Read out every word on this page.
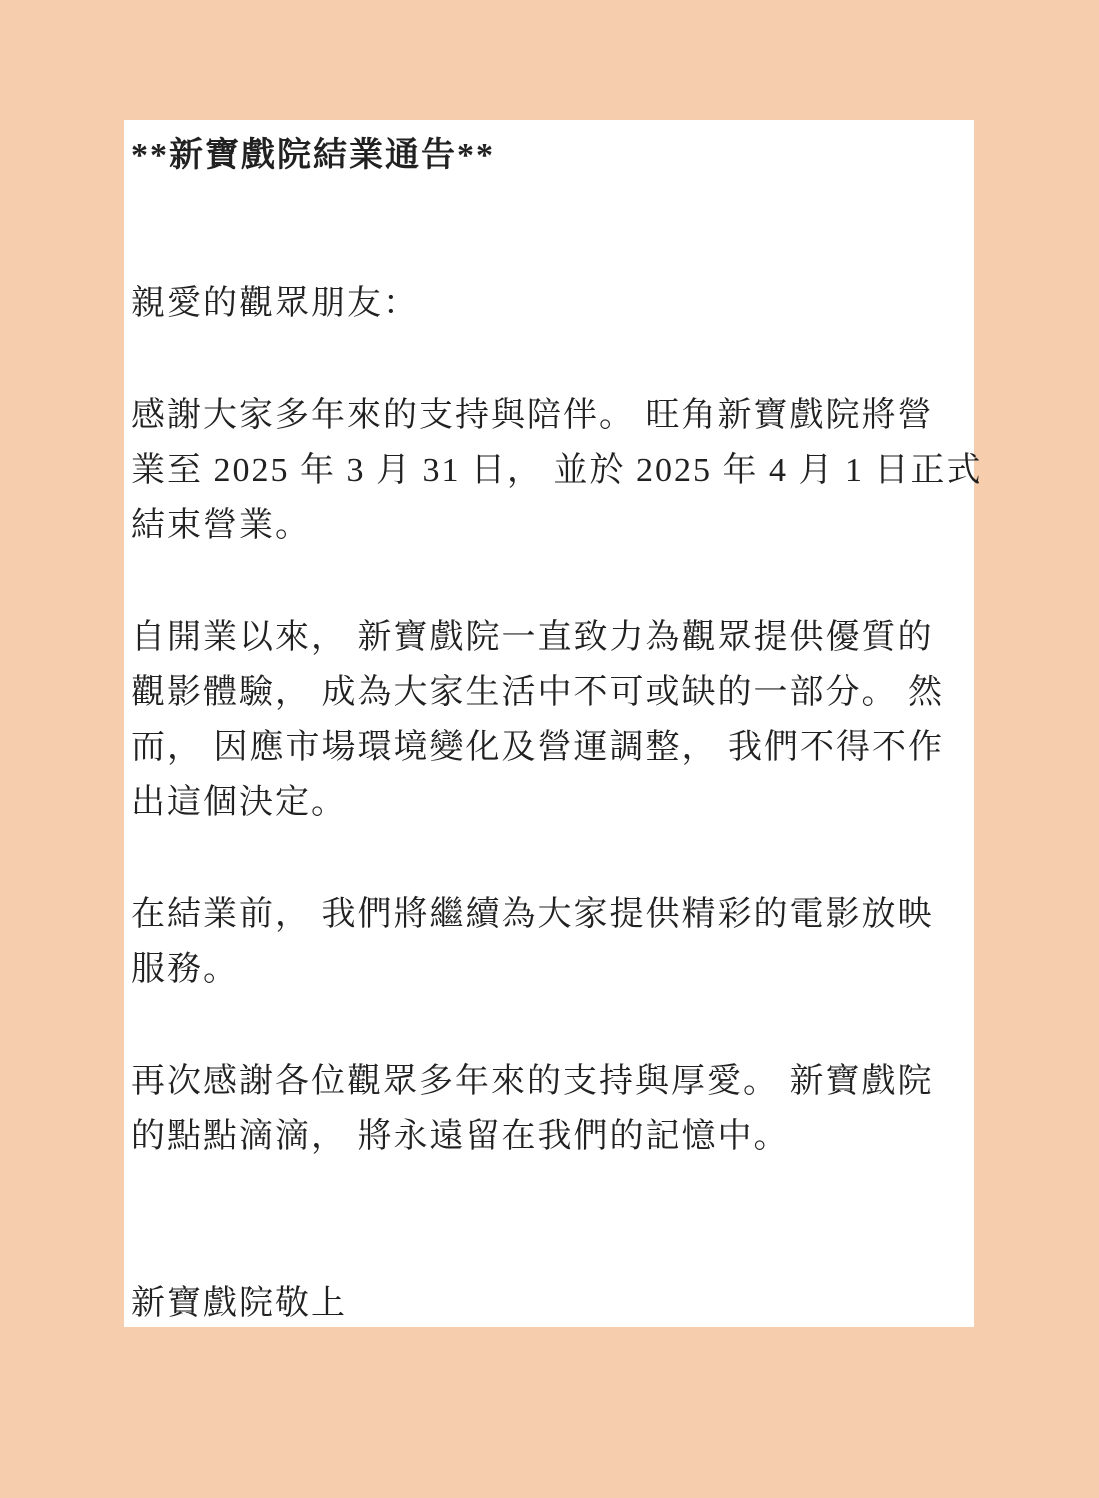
**新寶戲院結業通告**
親愛的觀眾朋友：
感謝大家多年來的支持與陪伴。 旺角新寶戲院將營
業至 2025 年 3 月 31 日， 並於 2025 年 4 月 1 日正式
結束營業。
自開業以來， 新寶戲院一直致力為觀眾提供優質的
觀影體驗， 成為大家生活中不可或缺的一部分。 然
而， 因應市場環境變化及營運調整， 我們不得不作
出這個決定。
在結業前， 我們將繼續為大家提供精彩的電影放映
服務。
再次感謝各位觀眾多年來的支持與厚愛。 新寶戲院
的點點滴滴， 將永遠留在我們的記憶中。
新寶戲院敬上
